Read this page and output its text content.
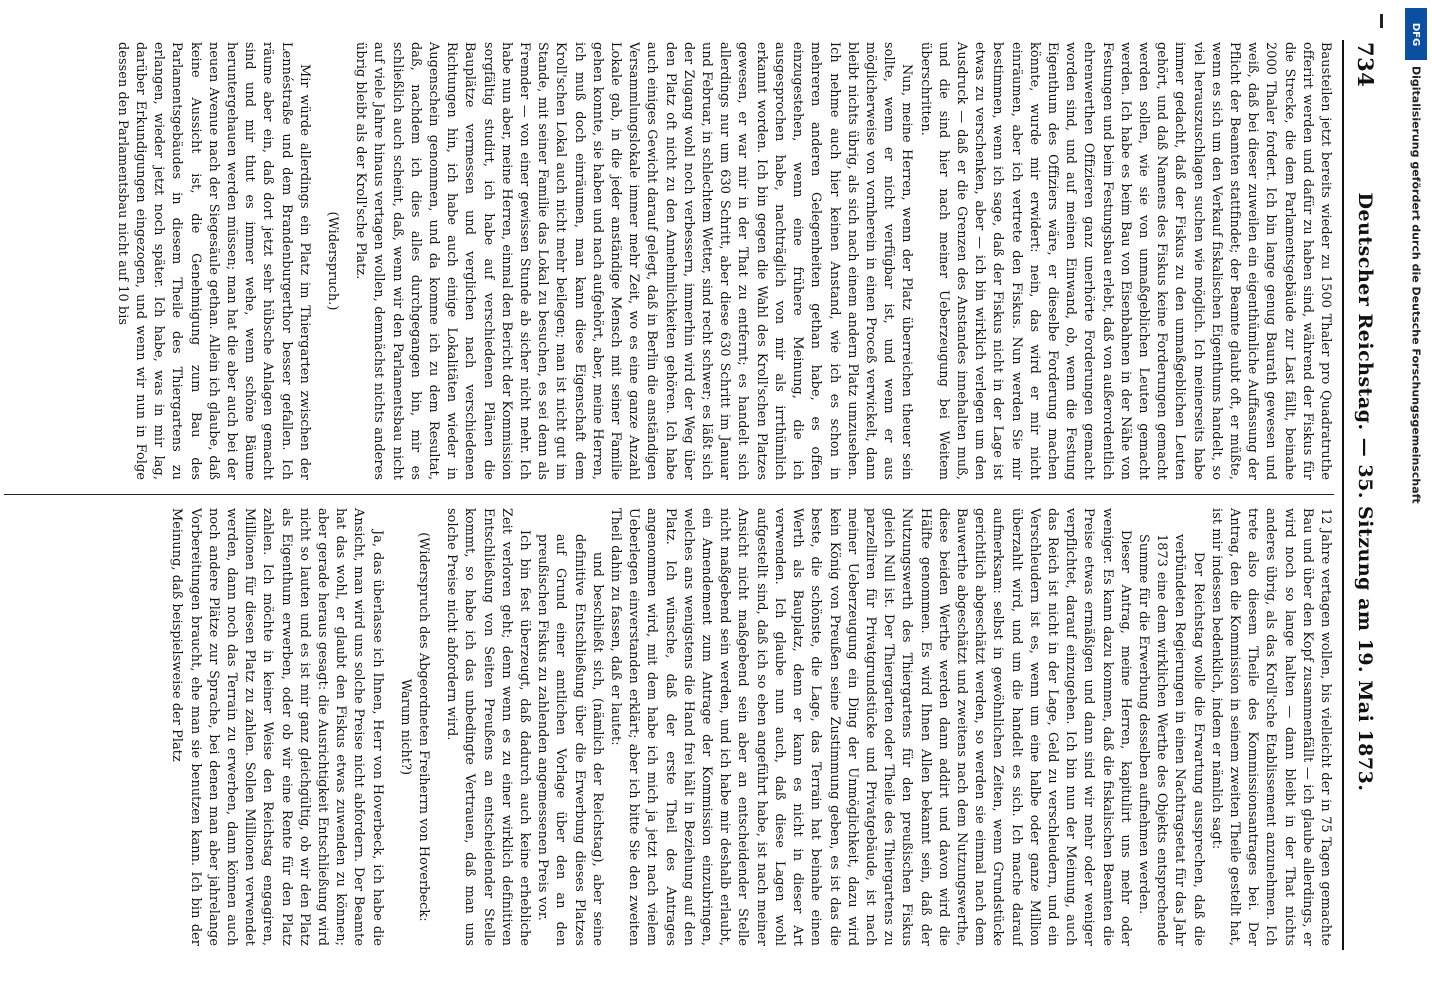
734
Deutscher Reichstag. — 35. Sitzung am 19. Mai 1873.

Bausteilen jetzt bereits wieder zu 1500 Thaler pro Quadratruthe offerirt werden und dafür zu haben sind, während der Fiskus für die Strecke, die dem Parlamentsgebäude zur Last fällt, beinahe 2000 Thaler fordert. Ich bin lange genug Baurath gewesen und weiß, daß bei dieser zuweilen ein eigenthümliche Auffassung der Pflicht der Beamten stattfindet; der Beamte glaubt oft, er müßte, wenn es sich um den Verkauf fiskalischen Eigenthums handelt, so viel herauszuschlagen suchen wie möglich. Ich meinerseits habe immer gedacht, daß der Fiskus zu den unmaßgeblichen Leuten gehört, und daß Namens des Fiskus keine Forderungen gemacht werden sollen, wie sie von unmaßgeblichen Leuten gemacht werden. Ich habe es beim Bau von Eisenbahnen in der Nähe von Festungen und beim Festungsbau erlebt, daß von außerordentlich ehrenwerthen Offizieren ganz unerhörte Forderungen gemacht worden sind, und auf meinen Einwand, ob, wenn die Festung Eigenthum des Offiziers wäre, er dieselbe Forderung machen könnte, wurde mir erwidert: nein, das wird er mir nicht einräumen, aber ich vertrete den Fiskus. Nun werden Sie mir bestimmen, wenn ich sage, daß der Fiskus nicht in der Lage ist etwas zu verschenken, aber — ich bin wirklich verlegen um den Ausdruck — daß er die Grenzen des Anstandes innehalten muß, und die sind hier nach meiner Ueberzeugung bei Weitem überschritten.

Nun, meine Herren, wenn der Platz überreichen theuer sein sollte, wenn er nicht verfügbar ist, und wenn er aus möglicherweise von vornherein in einen Proceß verwickelt, dann bleibt nichts übrig, als sich nach einem andern Platz umzusehen. Ich nehme auch hier keinen Anstand, wie ich es schon in mehreren anderen Gelegenheiten gethan habe, es offen einzugestehen, wenn eine frühere Meinung, die ich ausgesprochen habe, nachträglich von mir als irrthümlich erkannt worden. Ich bin gegen die Wahl des Kroll'schen Platzes gewesen, er war mir in der That zu entfernt; es handelt sich allerdings nur um 630 Schritt, aber diese 630 Schritt im Januar und Februar, in schlechtem Wetter, sind recht schwer; es läßt sich der Zugang wohl noch verbessern, immerhin wird der Weg über den Platz oft nicht zu den Annehmlichkeiten gehören. Ich habe auch einiges Gewicht darauf gelegt, daß in Berlin die anständigen Versammlungslokale immer mehr Zeit, wo es eine ganze Anzahl Lokale gab, in die jeder anständige Mensch mit seiner Familie gehen konnte, sie haben und nach aufgehört, aber, meine Herren, ich muß doch einräumen, man kann diese Eigenschaft dem Kroll'schen Lokal auch nicht mehr beilegen; man ist nicht gut im Stande, mit seiner Familie das Lokal zu besuchen, es sei denn als Fremder — von einer gewissen Stunde ab sicher nicht mehr. Ich habe nun aber, meine Herren, einmal den Bericht der Kommission sorgfältig studirt, ich habe auf verschiedenen Plänen die Bauplätze vermessen und verglichen nach verschiedenen Richtungen hin, ich habe auch einige Lokalitäten wieder in Augenschein genommen, und da komme ich zu dem Resultat, daß, nachdem ich dies alles durchgegangen bin, mir es schließlich auch scheint, daß, wenn wir den Parlamentsbau nicht auf viele Jahre hinaus vertagen wollen, demnächst nichts anderes übrig bleibt als der Kroll'sche Platz.

(Widerspruch.)

Mir würde allerdings ein Platz im Thiergarten zwischen der Lennéstraße und dem Brandenburgerthor besser gefallen. Ich räume aber ein, daß dort jetzt sehr hübsche Anlagen gemacht sind und mir thut es immer wehe, wenn schöne Bäume heruntergehauen werden müssen; man hat die aber auch bei der neuen Avenue nach der Siegesäule gethan. Allein ich glaube, daß keine Aussicht ist, die Genehmigung zum Bau des Parlamentsgebäudes in diesem Theile des Thiergartens zu erlangen, wieder jetzt noch später. Ich habe, was in mir lag, darüber Erkundigungen eingezogen, und wenn wir nun in Folge dessen den Parlamentsbau nicht auf 10 bis

12 Jahre vertagen wollen, bis vielleicht der in 75 Tagen gemachte Bau und über den Kopf zusammenfällt — ich glaube allerdings, er wird noch so lange halten — dann bleibt in der That nichts anderes übrig, als das Kroll'sche Etablissement anzunehmen. Ich trete also diesem Theile des Kommissionsantrages bei. Der Antrag, den die Kommission in seinem zweiten Theile gestellt hat, ist mir indessen bedenklich, indem er nämlich sagt:

Der Reichstag wolle die Erwartung aussprechen, daß die verbündeten Regierungen in einen Nachtragsetat für das Jahr 1873 eine dem wirklichen Werthe des Objekts entsprechende Summe für die Erwerbung desselben aufnehmen werden.

Dieser Antrag, meine Herren, kapitulirt uns mehr oder weniger. Es kann dazu kommen, daß die fiskalischen Beamten die Preise etwas ermäßigen und dann sind wir mehr oder weniger verpflichtet, darauf einzugehen. Ich bin nun der Meinung, auch das Reich ist nicht in der Lage, Geld zu verschleudern, und ein Verschleudern ist es, wenn um eine halbe oder ganze Million überzahlt wird, und um die handelt es sich. Ich mache darauf aufmerksam: selbst in gewöhnlichen Zeiten, wenn Grundstücke gerichtlich abgeschätzt werden, so werden sie einmal nach dem Bauwerthe abgeschätzt und zweitens nach dem Nutzungswerthe, diese beiden Werthe werden dann addirt und davon wird die Hälfte genommen. Es wird Ihnen Allen bekannt sein, daß der Nutzungswerth des Thiergartens für den preußischen Fiskus gleich Null ist. Der Thiergarten oder Theile des Thiergartens zu parzelliren für Privatgrundstücke und Privatgebäude, ist nach meiner Ueberzeugung ein Ding der Unmöglichkeit, dazu wird kein König von Preußen seine Zustimmung geben, es ist das die beste, die schönste, die Lage, das Terrain hat beinahe einen Werth als Bauplatz, denn er kann es nicht in dieser Art verwenden. Ich glaube nun auch, daß diese Lagen wohl aufgestellt sind, daß ich so eben angeführt habe, ist nach meiner Ansicht nicht maßgebend sein aber an entscheidender Stelle nicht maßgebend sein werden, und ich habe mir deshalb erlaubt, ein Amendement zum Antrage der Kommission einzubringen, welches ans wenigstens die Hand frei hält in Beziehung auf den Platz. Ich wünsche, daß der erste Theil des Antrages angenommen wird, mit dem habe ich mich ja jetzt nach vielem Ueberlegen einverstanden erklärt; aber ich bitte Sie den zweiten Theil dahin zu fassen, daß er lautet:

und beschließt sich, (nämlich der Reichstag), aber seine definitive Entschließung über die Erwerbung dieses Platzes auf Grund einer amtlichen Vorlage über den an den preußischen Fiskus zu zahlenden angemessenen Preis vor.

Ich bin fest überzeugt, daß dadurch auch keine erhebliche Zeit verloren geht; denn wenn es zu einer wirklich definitiven Entschließung von Seiten Preußens an entscheidender Stelle kommt, so habe ich das unbedingte Vertrauen, daß man uns solche Preise nicht abfordern wird.

(Widerspruch des Abgeordneten Freiherrn von Hoverbeck: Warum nicht?)

Ja, das überlasse ich Ihnen, Herr von Hoverbeck, ich habe die Ansicht, man wird uns solche Preise nicht abfordern. Der Beamte hat das wohl, er glaubt den Fiskus etwas zuwenden zu können; aber gerade heraus gesagt: die Ausrichtigkeit Entschließung wird nicht so lauten und es ist mir ganz gleichgültig, ob wir den Platz als Eigenthum erwerben, oder ob wir eine Rente für den Platz zahlen. Ich möchte in keiner Weise den Reichstag engagiren, Millionen für diesen Platz zu zahlen. Sollen Millionen verwendet werden, dann noch das Terrain zu erwerben, dann können auch noch andere Plätze zur Sprache, bei denen man aber jahrelange Vorbereitungen braucht, ehe man sie benutzen kann. Ich bin der Meinung, daß beispielsweise der Platz

DFG
Digitalisierung gefördert durch die Deutsche Forschungsgemeinschaft
